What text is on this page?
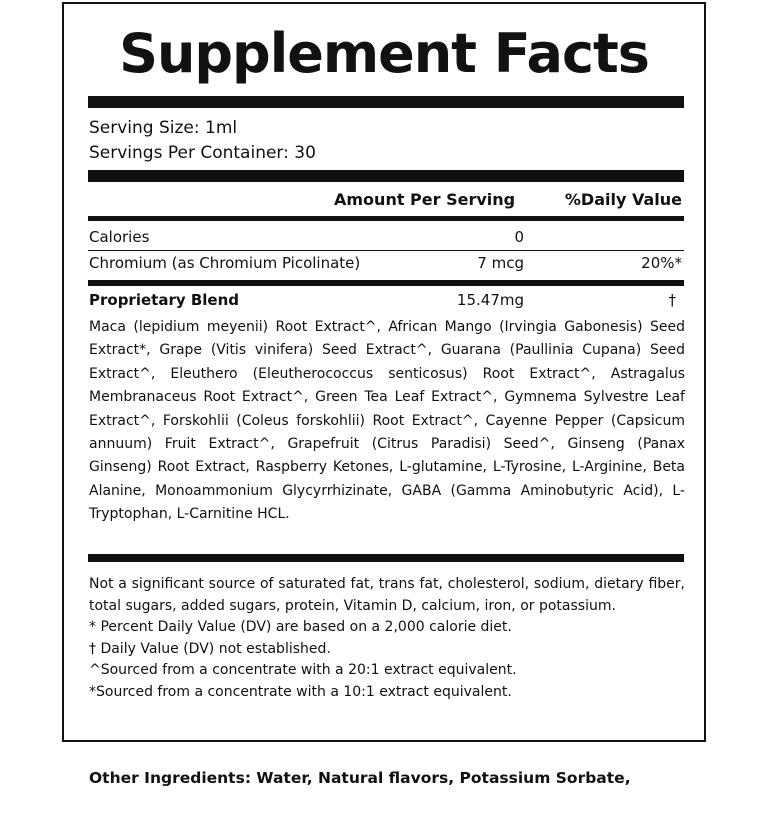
Supplement Facts
Serving Size: 1ml
Servings Per Container: 30
Amount Per Serving	%Daily Value
Calories	0
Chromium (as Chromium Picolinate)	7 mcg	20%*
Proprietary Blend	15.47mg	†
Maca (lepidium meyenii) Root Extract^, African Mango (Irvingia Gabonesis) Seed Extract*, Grape (Vitis vinifera) Seed Extract^, Guarana (Paullinia Cupana) Seed Extract^, Eleuthero (Eleutherococcus senticosus) Root Extract^, Astragalus Membranaceus Root Extract^, Green Tea Leaf Extract^, Gymnema Sylvestre Leaf Extract^, Forskohlii (Coleus forskohlii) Root Extract^, Cayenne Pepper (Capsicum annuum) Fruit Extract^, Grapefruit (Citrus Paradisi) Seed^, Ginseng (Panax Ginseng) Root Extract, Raspberry Ketones, L-glutamine, L-Tyrosine, L-Arginine, Beta Alanine, Monoammonium Glycyrrhizinate, GABA (Gamma Aminobutyric Acid), L-Tryptophan, L-Carnitine HCL.
Not a significant source of saturated fat, trans fat, cholesterol, sodium, dietary fiber, total sugars, added sugars, protein, Vitamin D, calcium, iron, or potassium.
* Percent Daily Value (DV) are based on a 2,000 calorie diet.
† Daily Value (DV) not established.
^Sourced from a concentrate with a 20:1 extract equivalent.
*Sourced from a concentrate with a 10:1 extract equivalent.
Other Ingredients: Water, Natural flavors, Potassium Sorbate,
